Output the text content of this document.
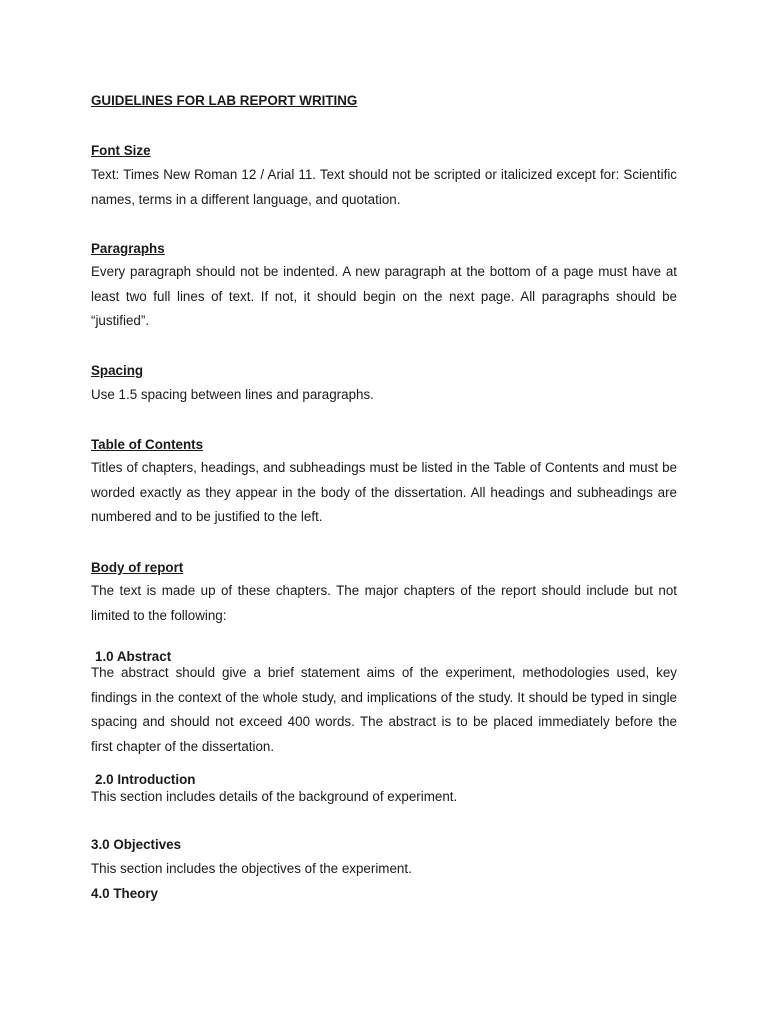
GUIDELINES FOR LAB REPORT WRITING
Font Size

Text: Times New Roman 12 / Arial 11. Text should not be scripted or italicized except for: Scientific names, terms in a different language, and quotation.

Paragraphs

Every paragraph should not be indented. A new paragraph at the bottom of a page must have at least two full lines of text. If not, it should begin on the next page. All paragraphs should be “justified”.

Spacing

Use 1.5 spacing between lines and paragraphs.

Table of Contents

Titles of chapters, headings, and subheadings must be listed in the Table of Contents and must be worded exactly as they appear in the body of the dissertation. All headings and subheadings are numbered and to be justified to the left.

Body of report

The text is made up of these chapters. The major chapters of the report should include but not limited to the following:

1.0 Abstract

The abstract should give a brief statement aims of the experiment, methodologies used, key findings in the context of the whole study, and implications of the study. It should be typed in single spacing and should not exceed 400 words. The abstract is to be placed immediately before the first chapter of the dissertation.

2.0 Introduction

This section includes details of the background of experiment.

3.0 Objectives

This section includes the objectives of the experiment.

4.0 Theory
